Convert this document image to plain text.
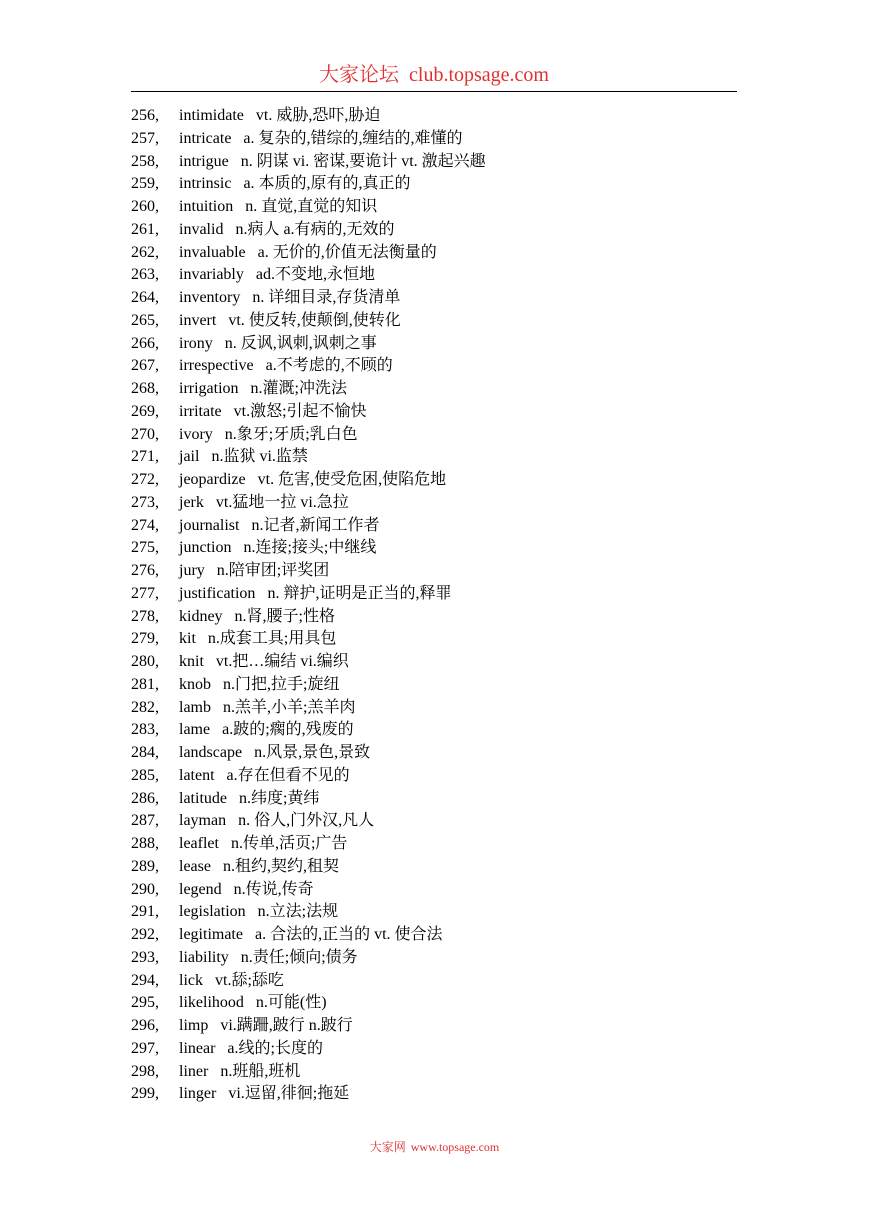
大家论坛 club.topsage.com
256, intimidate vt. 威胁,恐吓,胁迫
257, intricate a. 复杂的,错综的,缠结的,难懂的
258, intrigue n. 阴谋 vi. 密谋,要诡计 vt. 激起兴趣
259, intrinsic a. 本质的,原有的,真正的
260, intuition n. 直觉,直觉的知识
261, invalid n.病人 a.有病的,无效的
262, invaluable a. 无价的,价值无法衡量的
263, invariably ad.不变地,永恒地
264, inventory n. 详细目录,存货清单
265, invert vt. 使反转,使颠倒,使转化
266, irony n. 反讽,讽刺,讽刺之事
267, irrespective a.不考虑的,不顾的
268, irrigation n.灌溉;冲洗法
269, irritate vt.激怒;引起不愉快
270, ivory n.象牙;牙质;乳白色
271, jail n.监狱 vi.监禁
272, jeopardize vt. 危害,使受危困,使陷危地
273, jerk vt.猛地一拉 vi.急拉
274, journalist n.记者,新闻工作者
275, junction n.连接;接头;中继线
276, jury n.陪审团;评奖团
277, justification n. 辩护,证明是正当的,释罪
278, kidney n.肾,腰子;性格
279, kit n.成套工具;用具包
280, knit vt.把…编结 vi.编织
281, knob n.门把,拉手;旋纽
282, lamb n.羔羊,小羊;羔羊肉
283, lame a.跛的;瘸的,残废的
284, landscape n.风景,景色,景致
285, latent a.存在但看不见的
286, latitude n.纬度;黄纬
287, layman n. 俗人,门外汉,凡人
288, leaflet n.传单,活页;广告
289, lease n.租约,契约,租契
290, legend n.传说,传奇
291, legislation n.立法;法规
292, legitimate a. 合法的,正当的 vt. 使合法
293, liability n.责任;倾向;债务
294, lick vt.舔;舔吃
295, likelihood n.可能(性)
296, limp vi.蹒跚,跛行 n.跛行
297, linear a.线的;长度的
298, liner n.班船,班机
299, linger vi.逗留,徘徊;拖延
大家网 www.topsage.com
